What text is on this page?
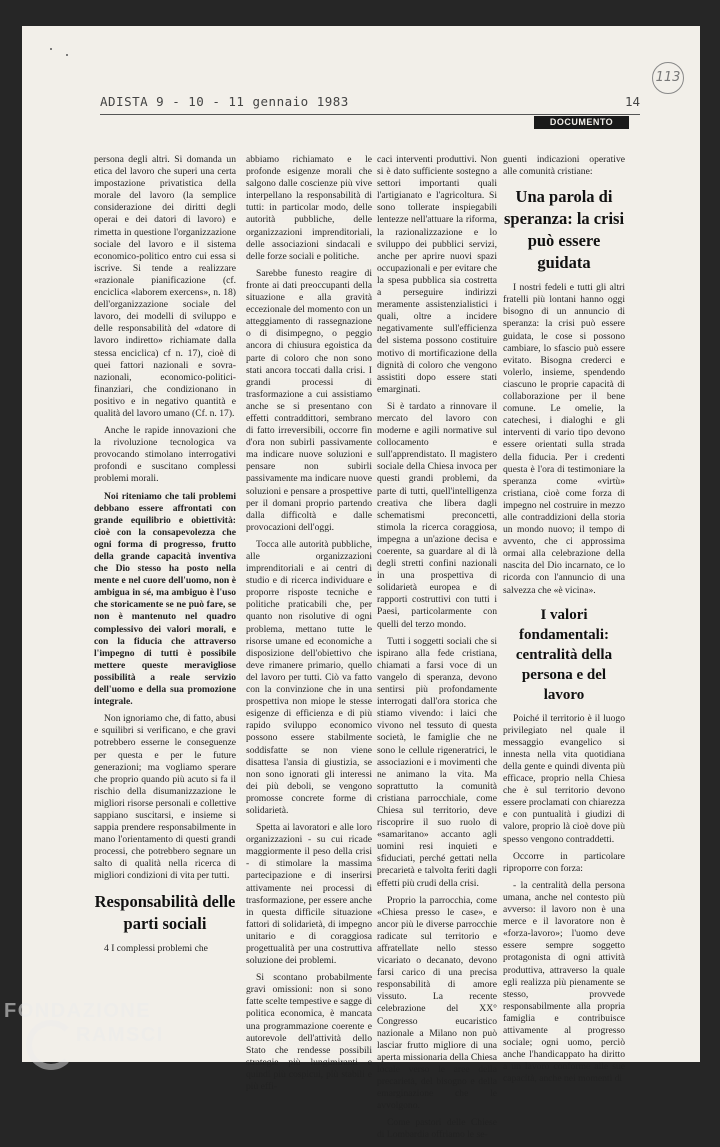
113
ADISTA 9 - 10 - 11 gennaio 1983	14
DOCUMENTO

persona degli altri. Si domanda un etica del lavoro che superi una certa impostazione privatistica della morale del lavoro (la semplice considerazione dei diritti degli operai e dei datori di lavoro) e rimetta in questione l'organizzazione sociale del lavoro e il sistema economico-politico entro cui essa si iscrive. Si tende a realizzare «razionale pianificazione (cf. enciclica «laborem exercens», n. 18) dell'organizzazione sociale del lavoro, dei modelli di sviluppo e delle responsabilità del «datore di lavoro indiretto» richiamate dalla stessa enciclica) cf n. 17), cioè di quei fattori nazionali e sovra-nazionali, economico-politici-finanziari, che condizionano in positivo e in negativo quantità e qualità del lavoro umano (Cf. n. 17).

Anche le rapide innovazioni che la rivoluzione tecnologica va provocando stimolano interrogativi profondi e suscitano complessi problemi morali.

Noi riteniamo che tali problemi debbano essere affrontati con grande equilibrio e obiettività: cioè con la consapevolezza che ogni forma di progresso, frutto della grande capacità inventiva che Dio stesso ha posto nella mente e nel cuore dell'uomo, non è ambigua in sé, ma ambiguo è l'uso che storicamente se ne può fare, se non è mantenuto nel quadro complessivo dei valori morali, e con la fiducia che attraverso l'impegno di tutti è possibile mettere queste meravigliose possibilità a reale servizio dell'uomo e della sua promozione integrale.

Non ignoriamo che, di fatto, abusi e squilibri si verificano, e che gravi potrebbero esserne le conseguenze per questa e per le future generazioni; ma vogliamo sperare che proprio quando più acuto si fa il rischio della disumanizzazione le migliori risorse personali e collettive sappiano suscitarsi, e insieme si sappia prendere responsabilmente in mano l'orientamento di questi grandi processi, che potrebbero segnare un salto di qualità nella ricerca di migliori condizioni di vita per tutti.

Responsabilità delle parti sociali

4 I complessi problemi che

abbiamo richiamato e le profonde esigenze morali che salgono dalle coscienze più vive interpellano la responsabilità di tutti: in particolar modo, delle autorità pubbliche, delle organizzazioni imprenditoriali, delle associazioni sindacali e delle forze sociali e politiche.

Sarebbe funesto reagire di fronte ai dati preoccupanti della situazione e alla gravità eccezionale del momento con un atteggiamento di rassegnazione o di disimpegno, o peggio ancora di chiusura egoistica da parte di coloro che non sono stati ancora toccati dalla crisi. I grandi processi di trasformazione a cui assistiamo anche se si presentano con effetti contraddittori, sembrano di fatto irreversibili, occorre fin d'ora non subirli passivamente ma indicare nuove soluzioni e pensare non subirli passivamente ma indicare nuove soluzioni e pensare a prospettive per il domani proprio partendo dalla difficoltà e dalle provocazioni dell'oggi.

Tocca alle autorità pubbliche, alle organizzazioni imprenditoriali e ai centri di studio e di ricerca individuare e proporre risposte tecniche e politiche praticabili che, per quanto non risolutive di ogni problema, mettano tutte le risorse umane ed economiche a disposizione dell'obiettivo che deve rimanere primario, quello del lavoro per tutti. Ciò va fatto con la convinzione che in una prospettiva non miope le stesse esigenze di efficienza e di più rapido sviluppo economico possono essere stabilmente soddisfatte se non viene disattesa l'ansia di giustizia, se non sono ignorati gli interessi dei più deboli, se vengono promosse concrete forme di solidarietà.

Spetta ai lavoratori e alle loro organizzazioni - su cui ricade maggiormente il peso della crisi - di stimolare la massima partecipazione e di inserirsi attivamente nei processi di trasformazione, per essere anche in questa difficile situazione fattori di solidarietà, di impegno unitario e di coraggiosa progettualità per una costruttiva soluzione dei problemi.

Si scontano probabilmente gravi omissioni: non si sono fatte scelte tempestive e sagge di politica economica, è mancata una programmazione coerente e autorevole dell'attività dello Stato che rendesse possibili strategie più lungimiranti e quindi più cospicui, più stabili e più effi-

caci interventi produttivi. Non si è dato sufficiente sostegno a settori importanti quali l'artigianato e l'agricoltura. Si sono tollerate inspiegabili lentezze nell'attuare la riforma, la razionalizzazione e lo sviluppo dei pubblici servizi, anche per aprire nuovi spazi occupazionali e per evitare che la spesa pubblica sia costretta a perseguire indirizzi meramente assistenzialistici i quali, oltre a incidere negativamente sull'efficienza del sistema possono costituire motivo di mortificazione della dignità di coloro che vengono assistiti dopo essere stati emarginati.

Si è tardato a rinnovare il mercato del lavoro con moderne e agili normative sul collocamento e sull'apprendistato. Il magistero sociale della Chiesa invoca per questi grandi problemi, da parte di tutti, quell'intelligenza creativa che libera dagli schematismi preconcetti, stimola la ricerca coraggiosa, impegna a un'azione decisa e coerente, sa guardare al di là degli stretti confini nazionali in una prospettiva di solidarietà europea e di rapporti costruttivi con tutti i Paesi, particolarmente con quelli del terzo mondo.

Tutti i soggetti sociali che si ispirano alla fede cristiana, chiamati a farsi voce di un vangelo di speranza, devono sentirsi più profondamente interrogati dall'ora storica che stiamo vivendo: i laici che vivono nel tessuto di questa società, le famiglie che ne sono le cellule rigeneratrici, le associazioni e i movimenti che ne animano la vita. Ma soprattutto la comunità cristiana parrocchiale, come Chiesa sul territorio, deve riscoprire il suo ruolo di «samaritano» accanto agli uomini resi inquieti e sfiduciati, perché gettati nella precarietà e talvolta feriti dagli effetti più crudi della crisi.

Proprio la parrocchia, come «Chiesa presso le case», e ancor più le diverse parrocchie radicate sul territorio e affratellate nello stesso vicariato o decanato, devono farsi carico di una precisa responsabilità di amore vissuto. La recente celebrazione del XX° Congresso eucaristico nazionale a Milano non può lasciar frutto migliore di una aperta missionaria della Chiesa locale verso le aree della precarietà, del bisogno e della emarginazione che le avvolgono.

Come pastori delle Chiese di Lombardia offriamo le se-

guenti indicazioni operative alle comunità cristiane:

Una parola di speranza: la crisi può essere guidata

I nostri fedeli e tutti gli altri fratelli più lontani hanno oggi bisogno di un annuncio di speranza: la crisi può essere guidata, le cose si possono cambiare, lo sfascio può essere evitato. Bisogna crederci e volerlo, insieme, spendendo ciascuno le proprie capacità di collaborazione per il bene comune. Le omelie, la catechesi, i dialoghi e gli interventi di vario tipo devono essere orientati sulla strada della fiducia. Per i credenti questa è l'ora di testimoniare la speranza come «virtù» cristiana, cioè come forza di impegno nel costruire in mezzo alle contraddizioni della storia un mondo nuovo; il tempo di avvento, che ci approssima ormai alla celebrazione della nascita del Dio incarnato, ce lo ricorda con l'annuncio di una salvezza che «è vicina».

I valori fondamentali: centralità della persona e del lavoro

Poiché il territorio è il luogo privilegiato nel quale il messaggio evangelico si innesta nella vita quotidiana della gente e quindi diventa più efficace, proprio nella Chiesa che è sul territorio devono essere proclamati con chiarezza e con puntualità i giudizi di valore, proprio là cioè dove più spesso vengono contraddetti.

Occorre in particolare riproporre con forza:

- la centralità della persona umana, anche nel contesto più avverso: il lavoro non è una merce e il lavoratore non è «forza-lavoro»; l'uomo deve essere sempre soggetto protagonista di ogni attività produttiva, attraverso la quale egli realizza più pienamente se stesso, provvede responsabilmente alla propria famiglia e contribuisce attivamente al progresso sociale; ogni uomo, perciò anche l'handicappato ha diritto a un lavoro conforme alle sue capacità, anche nei momenti di

FONDAZIONE
RAMSCI
